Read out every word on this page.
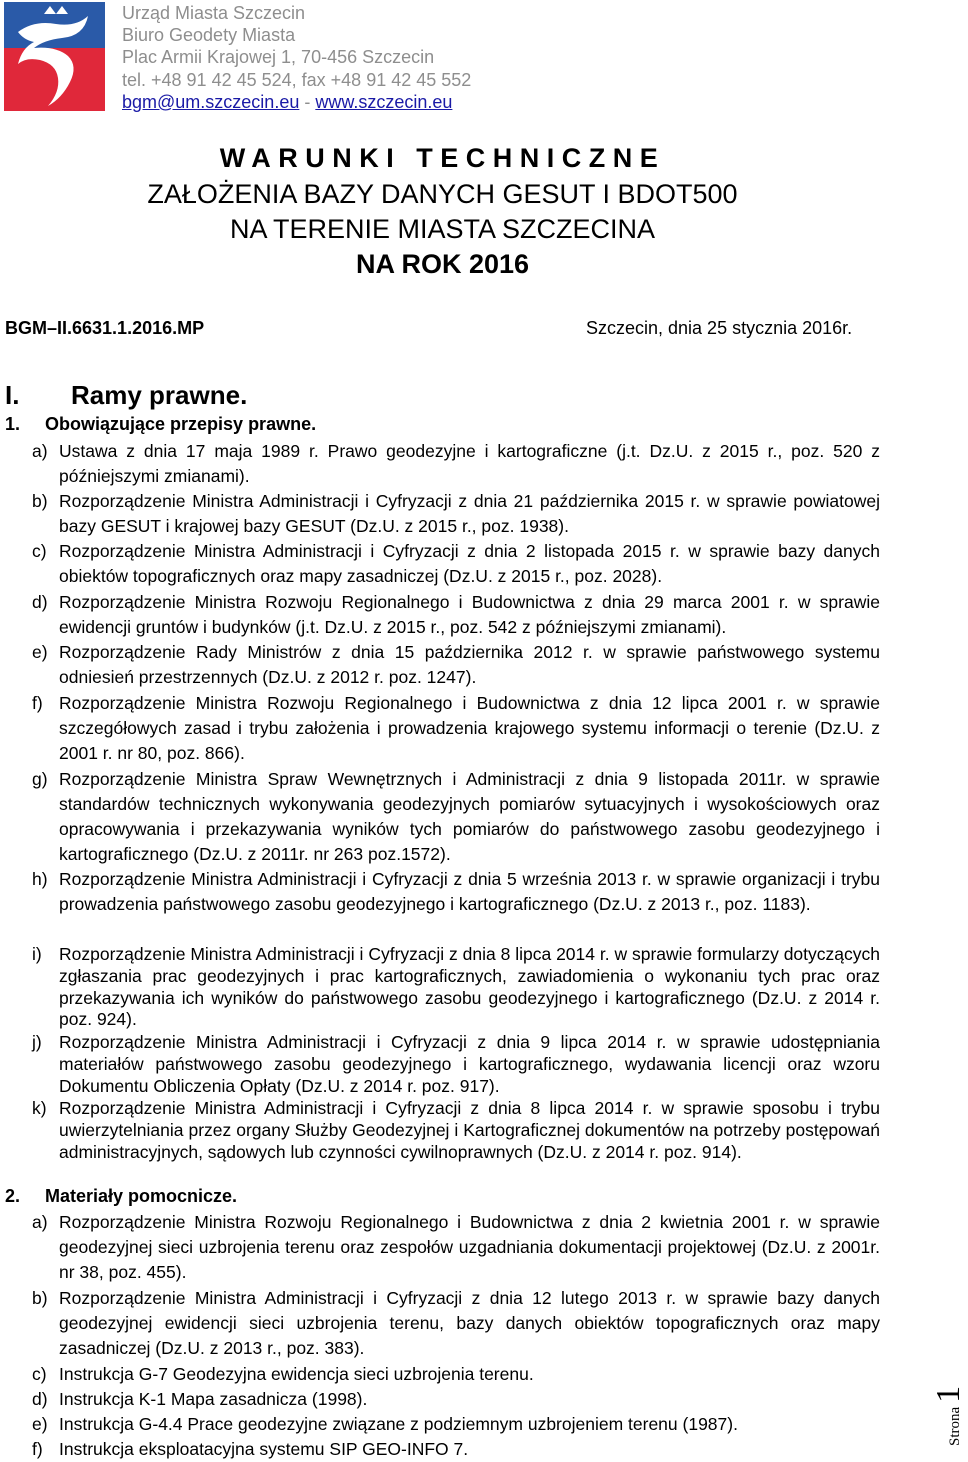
Urząd Miasta Szczecin
Biuro Geodety Miasta
Plac Armii Krajowej 1, 70-456 Szczecin
tel. +48 91 42 45 524, fax +48 91 42 45 552
bgm@um.szczecin.eu - www.szczecin.eu
WARUNKI TECHNICZNE
ZAŁOŻENIA BAZY DANYCH GESUT I BDOT500
NA TERENIE MIASTA SZCZECINA
NA ROK 2016
BGM–II.6631.1.2016.MP	Szczecin, dnia 25 stycznia 2016r.
I. Ramy prawne.
1. Obowiązujące przepisy prawne.
a) Ustawa z dnia 17 maja 1989 r. Prawo geodezyjne i kartograficzne (j.t. Dz.U. z 2015 r., poz. 520 z późniejszymi zmianami).
b) Rozporządzenie Ministra Administracji i Cyfryzacji z dnia 21 października 2015 r. w sprawie powiatowej bazy GESUT i krajowej bazy GESUT (Dz.U. z 2015 r., poz. 1938).
c) Rozporządzenie Ministra Administracji i Cyfryzacji z dnia 2 listopada 2015 r. w sprawie bazy danych obiektów topograficznych oraz mapy zasadniczej (Dz.U. z 2015 r., poz. 2028).
d) Rozporządzenie Ministra Rozwoju Regionalnego i Budownictwa z dnia 29 marca 2001 r. w sprawie ewidencji gruntów i budynków (j.t. Dz.U. z 2015 r., poz. 542 z późniejszymi zmianami).
e) Rozporządzenie Rady Ministrów z dnia 15 października 2012 r. w sprawie państwowego systemu odniesień przestrzennych (Dz.U. z 2012 r. poz. 1247).
f) Rozporządzenie Ministra Rozwoju Regionalnego i Budownictwa z dnia 12 lipca 2001 r. w sprawie szczegółowych zasad i trybu założenia i prowadzenia krajowego systemu informacji o terenie (Dz.U. z 2001 r. nr 80, poz. 866).
g) Rozporządzenie Ministra Spraw Wewnętrznych i Administracji z dnia 9 listopada 2011r. w sprawie standardów technicznych wykonywania geodezyjnych pomiarów sytuacyjnych i wysokościowych oraz opracowywania i przekazywania wyników tych pomiarów do państwowego zasobu geodezyjnego i kartograficznego (Dz.U. z 2011r. nr 263 poz.1572).
h) Rozporządzenie Ministra Administracji i Cyfryzacji z dnia 5 września 2013 r. w sprawie organizacji i trybu prowadzenia państwowego zasobu geodezyjnego i kartograficznego (Dz.U. z 2013 r., poz. 1183).
i) Rozporządzenie Ministra Administracji i Cyfryzacji z dnia 8 lipca 2014 r. w sprawie formularzy dotyczących zgłaszania prac geodezyjnych i prac kartograficznych, zawiadomienia o wykonaniu tych prac oraz przekazywania ich wyników do państwowego zasobu geodezyjnego i kartograficznego (Dz.U. z 2014 r. poz. 924).
j) Rozporządzenie Ministra Administracji i Cyfryzacji z dnia 9 lipca 2014 r. w sprawie udostępniania materiałów państwowego zasobu geodezyjnego i kartograficznego, wydawania licencji oraz wzoru Dokumentu Obliczenia Opłaty (Dz.U. z 2014 r. poz. 917).
k) Rozporządzenie Ministra Administracji i Cyfryzacji z dnia 8 lipca 2014 r. w sprawie sposobu i trybu uwierzytelniania przez organy Służby Geodezyjnej i Kartograficznej dokumentów na potrzeby postępowań administracyjnych, sądowych lub czynności cywilnoprawnych (Dz.U. z 2014 r. poz. 914).
2. Materiały pomocnicze.
a) Rozporządzenie Ministra Rozwoju Regionalnego i Budownictwa z dnia 2 kwietnia 2001 r. w sprawie geodezyjnej sieci uzbrojenia terenu oraz zespołów uzgadniania dokumentacji projektowej (Dz.U. z 2001r. nr 38, poz. 455).
b) Rozporządzenie Ministra Administracji i Cyfryzacji z dnia 12 lutego 2013 r. w sprawie bazy danych geodezyjnej ewidencji sieci uzbrojenia terenu, bazy danych obiektów topograficznych oraz mapy zasadniczej (Dz.U. z 2013 r., poz. 383).
c) Instrukcja G-7 Geodezyjna ewidencja sieci uzbrojenia terenu.
d) Instrukcja K-1 Mapa zasadnicza (1998).
e) Instrukcja G-4.4 Prace geodezyjne związane z podziemnym uzbrojeniem terenu (1987).
f) Instrukcja eksploatacyjna systemu SIP GEO-INFO 7.
Strona1
